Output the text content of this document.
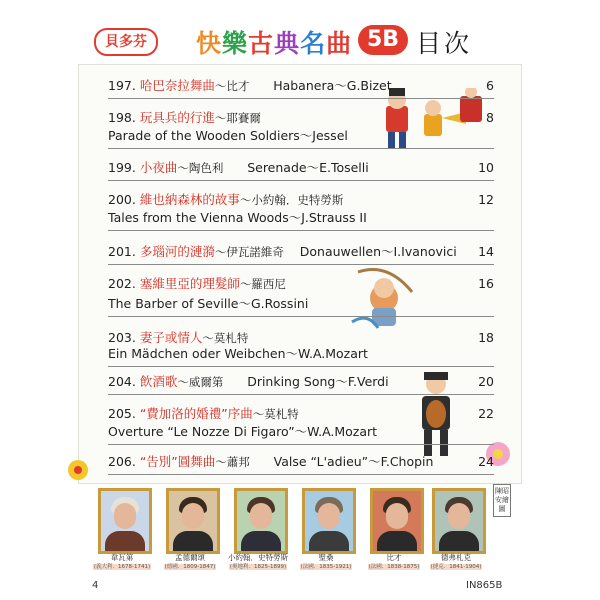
貝多芬	快樂古典名曲 5B 目次
197. 哈巴奈拉舞曲～比才 Habanera～G.Bizet	6
198. 玩具兵的行進～耶賽爾	8
Parade of the Wooden Soldiers～Jessel
199. 小夜曲～陶色利 Serenade～E.Toselli	10
200. 維也納森林的故事～小約翰．史特勞斯	12
Tales from the Vienna Woods～J.Strauss II
201. 多瑙河的漣漪～伊瓦諾維奇 Donauwellen～I.Ivanovici 14
202. 塞維里亞的理髮師～羅西尼	16
The Barber of Seville～G.Rossini
203. 妻子或情人～莫札特	18
Ein Mädchen oder Weibchen～W.A.Mozart
204. 飲酒歌～威爾第 Drinking Song～F.Verdi	20
205. “費加洛的婚禮”序曲～莫札特	22
Overture “Le Nozze Di Figaro”～W.A.Mozart
206. “告別”圓舞曲～蕭邦 Valse “L'adieu”～F.Chopin	24
韋瓦第
(義大利．1678-1741)
孟德爾頌
(德國．1809-1847)
小約翰．史特勞斯
(奧地利．1825-1899)
聖桑
(法國．1835-1921)
比才
(法國．1838-1875)
德弗札克
(捷克．1841-1904)
陳昭安繪圖
4	IN865B
